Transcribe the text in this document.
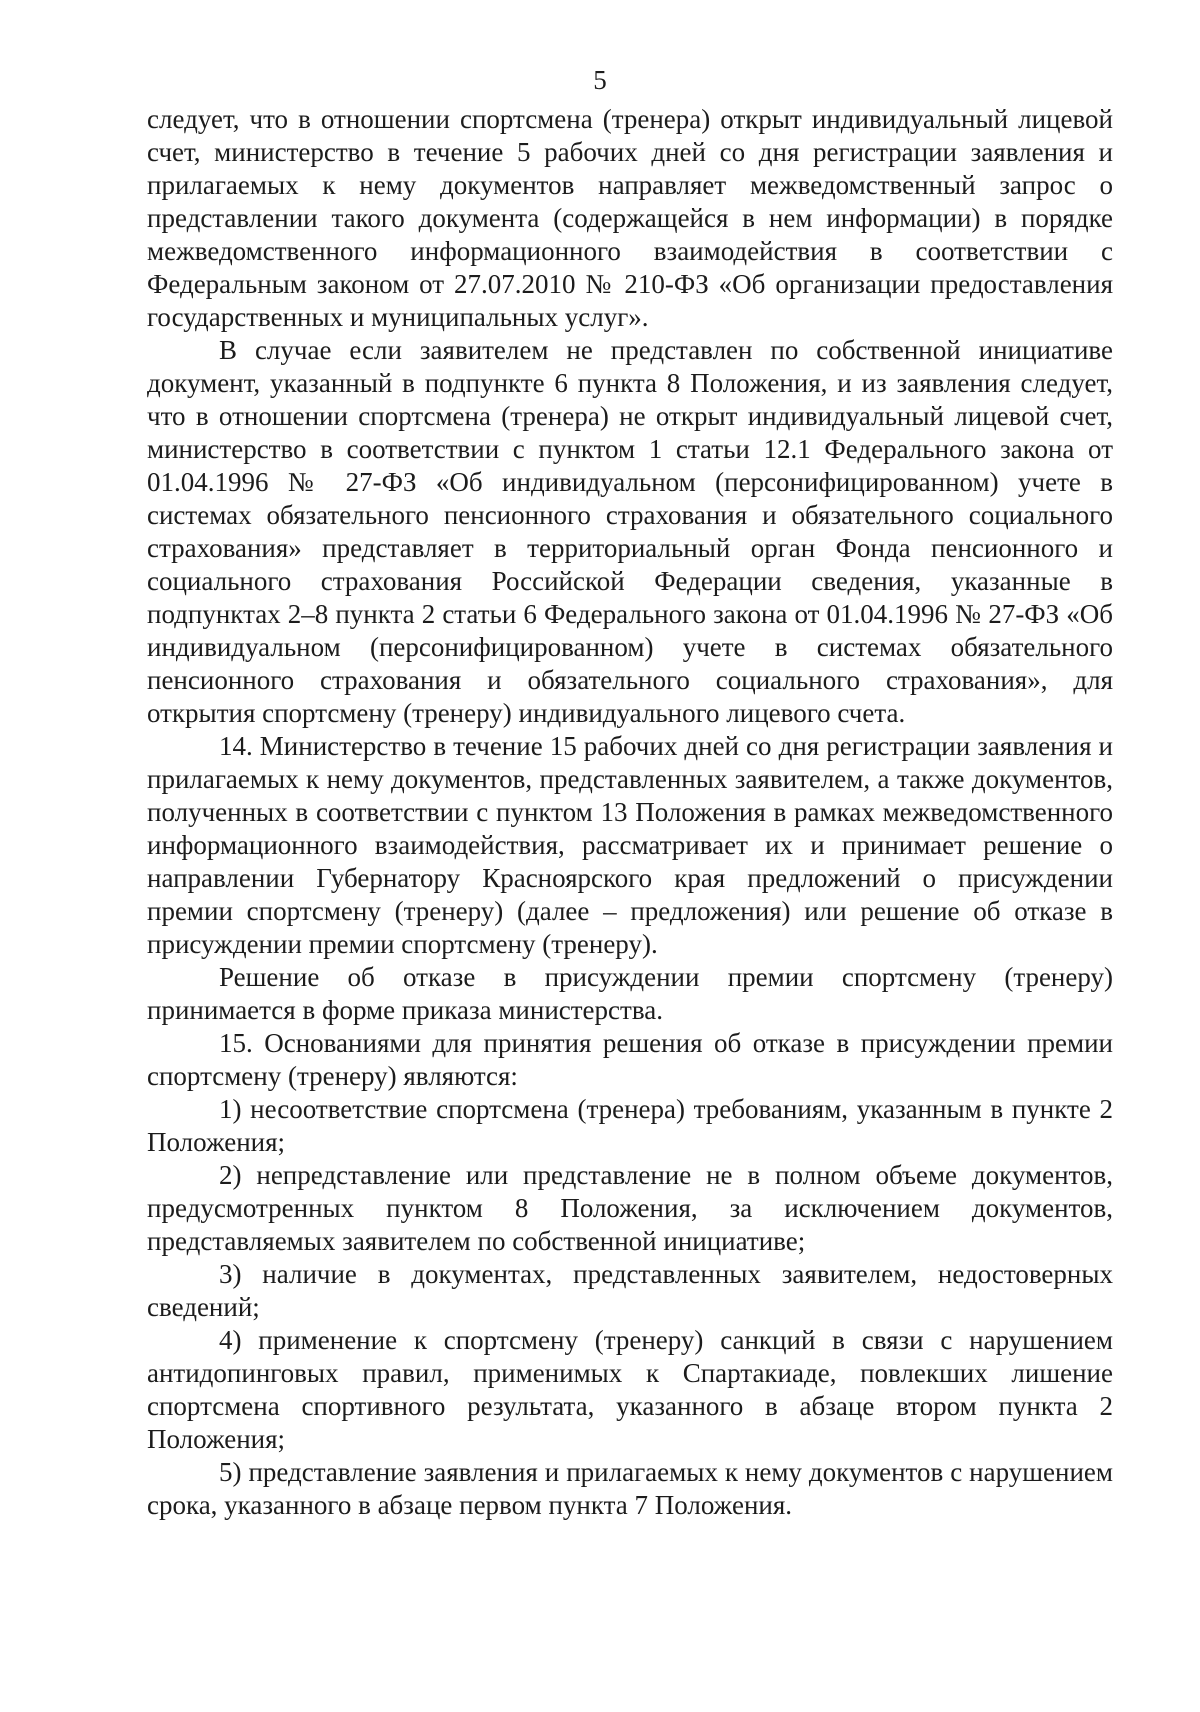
5

следует, что в отношении спортсмена (тренера) открыт индивидуальный лицевой счет, министерство в течение 5 рабочих дней со дня регистрации заявления и прилагаемых к нему документов направляет межведомственный запрос о представлении такого документа (содержащейся в нем информации) в порядке межведомственного информационного взаимодействия в соответствии с Федеральным законом от 27.07.2010 № 210-ФЗ «Об организации предоставления государственных и муниципальных услуг».

В случае если заявителем не представлен по собственной инициативе документ, указанный в подпункте 6 пункта 8 Положения, и из заявления следует, что в отношении спортсмена (тренера) не открыт индивидуальный лицевой счет, министерство в соответствии с пунктом 1 статьи 12.1 Федерального закона от 01.04.1996 № 27-ФЗ «Об индивидуальном (персонифицированном) учете в системах обязательного пенсионного страхования и обязательного социального страхования» представляет в территориальный орган Фонда пенсионного и социального страхования Российской Федерации сведения, указанные в подпунктах 2–8 пункта 2 статьи 6 Федерального закона от 01.04.1996 № 27-ФЗ «Об индивидуальном (персонифицированном) учете в системах обязательного пенсионного страхования и обязательного социального страхования», для открытия спортсмену (тренеру) индивидуального лицевого счета.

14. Министерство в течение 15 рабочих дней со дня регистрации заявления и прилагаемых к нему документов, представленных заявителем, а также документов, полученных в соответствии с пунктом 13 Положения в рамках межведомственного информационного взаимодействия, рассматривает их и принимает решение о направлении Губернатору Красноярского края предложений о присуждении премии спортсмену (тренеру) (далее – предложения) или решение об отказе в присуждении премии спортсмену (тренеру).

Решение об отказе в присуждении премии спортсмену (тренеру) принимается в форме приказа министерства.

15. Основаниями для принятия решения об отказе в присуждении премии спортсмену (тренеру) являются:

1) несоответствие спортсмена (тренера) требованиям, указанным в пункте 2 Положения;

2) непредставление или представление не в полном объеме документов, предусмотренных пунктом 8 Положения, за исключением документов, представляемых заявителем по собственной инициативе;

3) наличие в документах, представленных заявителем, недостоверных сведений;

4) применение к спортсмену (тренеру) санкций в связи с нарушением антидопинговых правил, применимых к Спартакиаде, повлекших лишение спортсмена спортивного результата, указанного в абзаце втором пункта 2 Положения;

5) представление заявления и прилагаемых к нему документов с нарушением срока, указанного в абзаце первом пункта 7 Положения.
